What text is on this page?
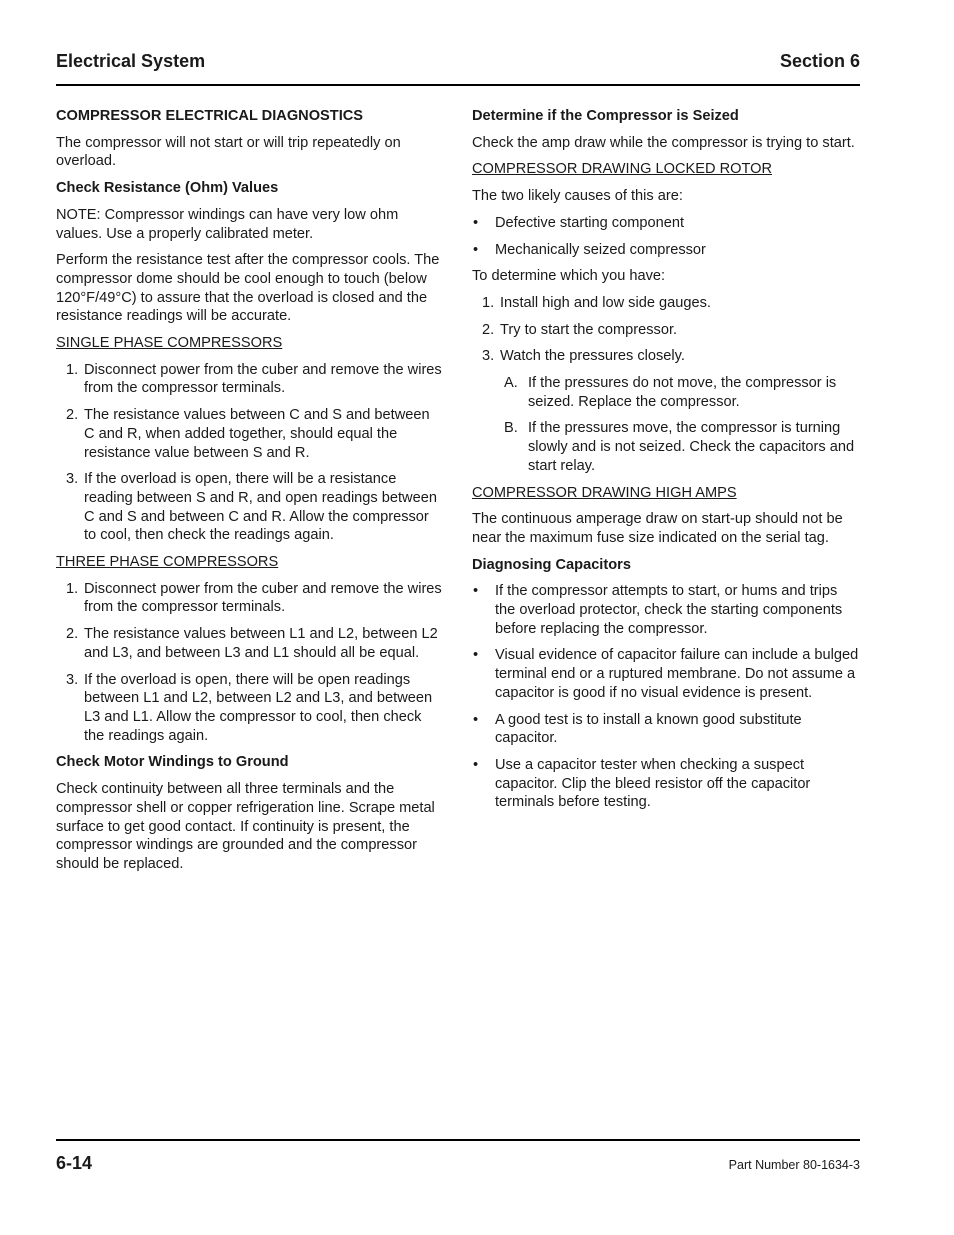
Electrical System	Section 6
COMPRESSOR ELECTRICAL DIAGNOSTICS
The compressor will not start or will trip repeatedly on overload.
Check Resistance (Ohm) Values
NOTE: Compressor windings can have very low ohm values. Use a properly calibrated meter.
Perform the resistance test after the compressor cools. The compressor dome should be cool enough to touch (below 120°F/49°C) to assure that the overload is closed and the resistance readings will be accurate.
SINGLE PHASE COMPRESSORS
1. Disconnect power from the cuber and remove the wires from the compressor terminals.
2. The resistance values between C and S and between C and R, when added together, should equal the resistance value between S and R.
3. If the overload is open, there will be a resistance reading between S and R, and open readings between C and S and between C and R. Allow the compressor to cool, then check the readings again.
THREE PHASE COMPRESSORS
1. Disconnect power from the cuber and remove the wires from the compressor terminals.
2. The resistance values between L1 and L2, between L2 and L3, and between L3 and L1 should all be equal.
3. If the overload is open, there will be open readings between L1 and L2, between L2 and L3, and between L3 and L1. Allow the compressor to cool, then check the readings again.
Check Motor Windings to Ground
Check continuity between all three terminals and the compressor shell or copper refrigeration line. Scrape metal surface to get good contact. If continuity is present, the compressor windings are grounded and the compressor should be replaced.
Determine if the Compressor is Seized
Check the amp draw while the compressor is trying to start.
COMPRESSOR DRAWING LOCKED ROTOR
The two likely causes of this are:
• Defective starting component
• Mechanically seized compressor
To determine which you have:
1. Install high and low side gauges.
2. Try to start the compressor.
3. Watch the pressures closely.
A. If the pressures do not move, the compressor is seized. Replace the compressor.
B. If the pressures move, the compressor is turning slowly and is not seized. Check the capacitors and start relay.
COMPRESSOR DRAWING HIGH AMPS
The continuous amperage draw on start-up should not be near the maximum fuse size indicated on the serial tag.
Diagnosing Capacitors
• If the compressor attempts to start, or hums and trips the overload protector, check the starting components before replacing the compressor.
• Visual evidence of capacitor failure can include a bulged terminal end or a ruptured membrane. Do not assume a capacitor is good if no visual evidence is present.
• A good test is to install a known good substitute capacitor.
• Use a capacitor tester when checking a suspect capacitor. Clip the bleed resistor off the capacitor terminals before testing.
6-14	Part Number 80-1634-3
